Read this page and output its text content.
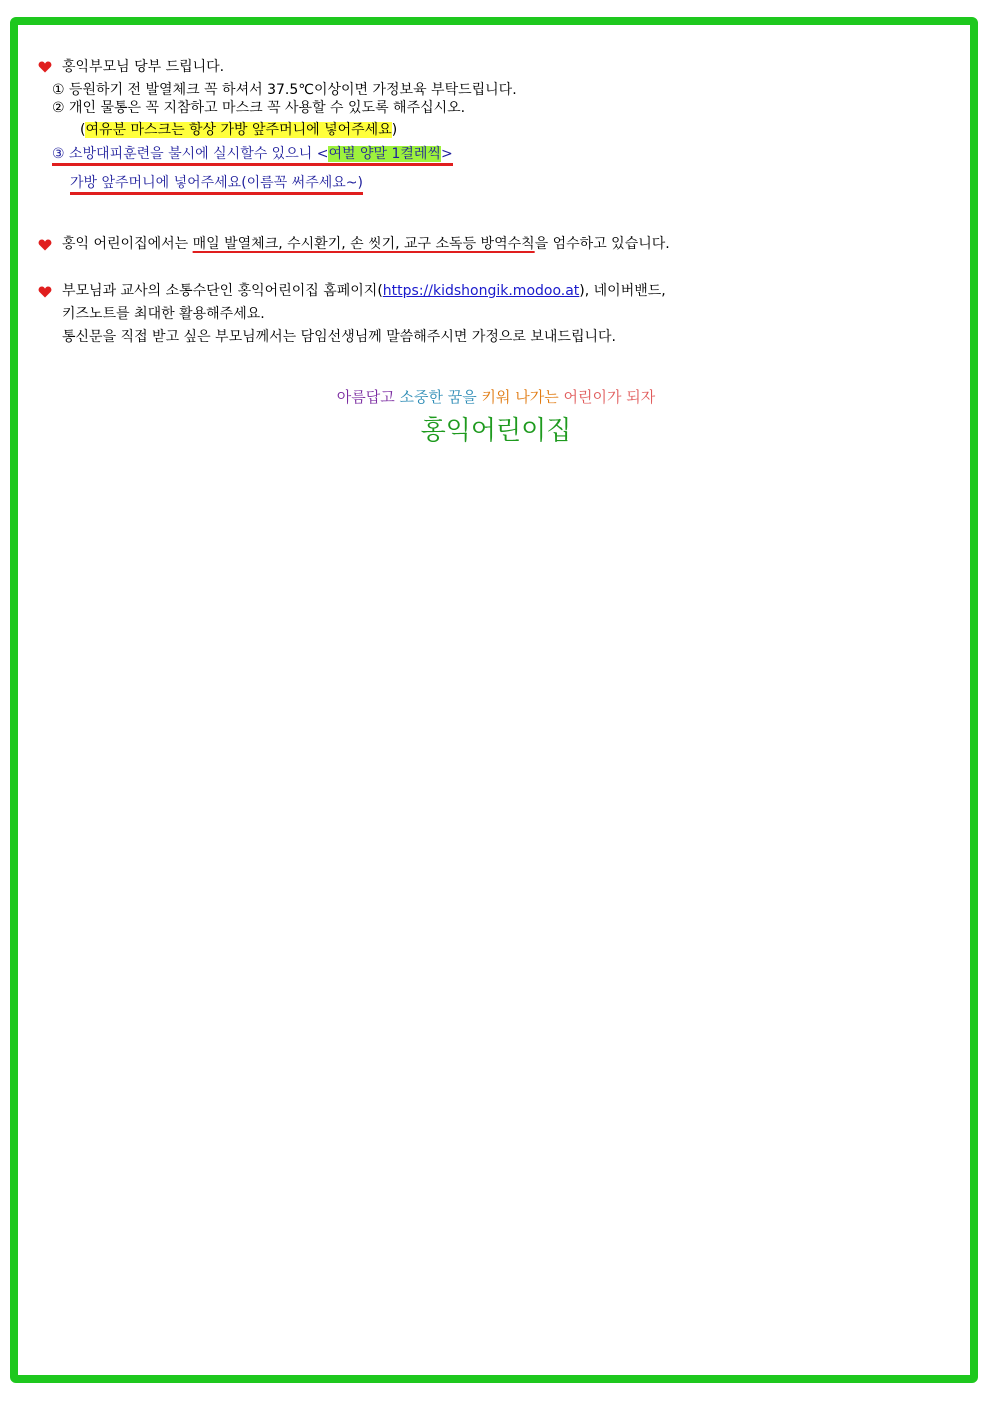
홍익부모님 당부 드립니다.
① 등원하기 전 발열체크 꼭 하셔서 37.5℃이상이면 가정보육 부탁드립니다.
② 개인 물통은 꼭 지참하고 마스크 꼭 사용할 수 있도록 해주십시오.
(여유분 마스크는 항상 가방 앞주머니에 넣어주세요)
③ 소방대피훈련을 불시에 실시할수 있으니 <여벌 양말 1켤레씩>
가방 앞주머니에 넣어주세요(이름꼭 써주세요~)
홍익 어린이집에서는 매일 발열체크, 수시환기, 손 씻기, 교구 소독등 방역수칙을 엄수하고 있습니다.
부모님과 교사의 소통수단인 홍익어린이집 홈페이지(https://kidshongik.modoo.at), 네이버밴드,
키즈노트를 최대한 활용해주세요.
통신문을 직접 받고 싶은 부모님께서는 담임선생님께 말씀해주시면 가정으로 보내드립니다.
아름답고 소중한 꿈을 키워 나가는 어린이가 되자
홍익어린이집
